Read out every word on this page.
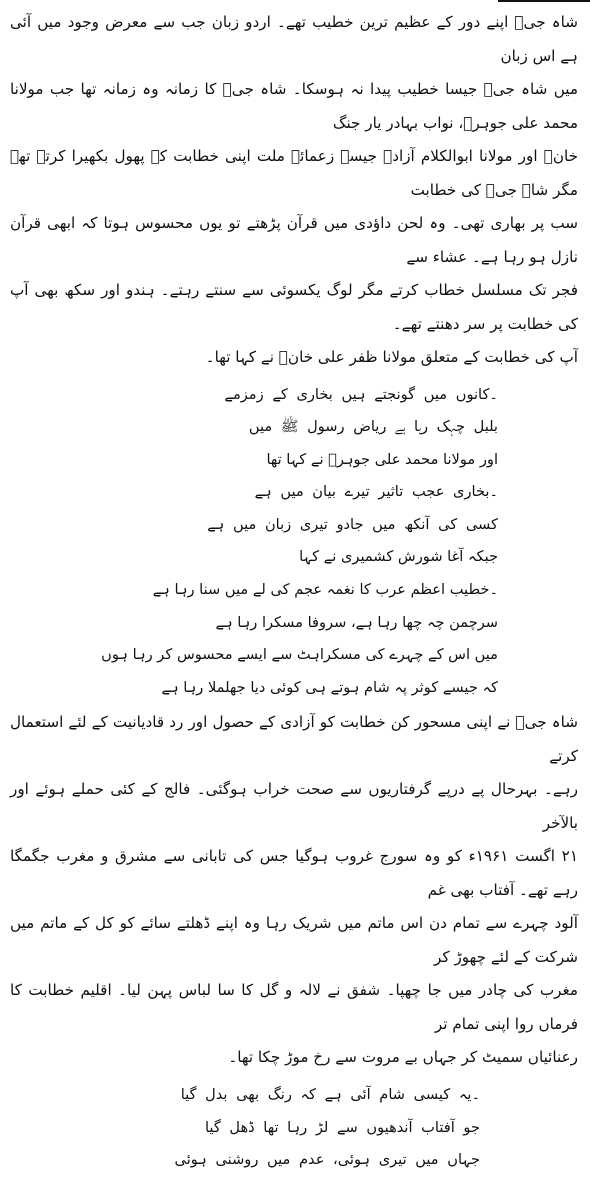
شاہ جیؒ اپنے دور کے عظیم ترین خطیب تھے۔ اردو زبان جب سے معرض وجود میں آئی ہے اس زبان

میں شاہ جیؒ جیسا خطیب پیدا نہ ہوسکا۔ شاہ جیؒ کا زمانہ وہ زمانہ تھا جب مولانا محمد علی جوہرؒ، نواب بہادر یار جنگ

خانؒ اور مولانا ابوالکلام آزادؒ جیسے زعمائے ملت اپنی خطابت کے پھول بکھیرا کرتے تھے مگر شاہ جیؒ کی خطابت

سب پر بھاری تھی۔ وہ لحن داؤدی میں قرآن پڑھتے تو یوں محسوس ہوتا کہ ابھی قرآن نازل ہو رہا ہے۔ عشاء سے

فجر تک مسلسل خطاب کرتے مگر لوگ یکسوئی سے سنتے رہتے۔ ہندو اور سکھ بھی آپ کی خطابت پر سر دھنتے تھے۔

آپ کی خطابت کے متعلق مولانا ظفر علی خانؒ نے کہا تھا۔

۔کانوں میں گونجتے ہیں بخاری کے زمزمے
بلبل چہک رہا ہے ریاض رسول ﷺ میں
اور مولانا محمد علی جوہرؒ نے کہا تھا
۔بخاری عجب تاثیر تیرے بیان میں ہے
کسی کی آنکھ میں جادو تیری زبان میں ہے
جبکہ آغا شورش کشمیری نے کہا
۔خطیب اعظم عرب کا نغمہ عجم کی لے میں سنا رہا ہے
سرچمن چہ چھا رہا ہے، سروفا مسکرا رہا ہے
میں اس کے چہرے کی مسکراہٹ سے ایسے محسوس کر رہا ہوں
کہ جیسے کوثر پہ شام ہوتے ہی کوئی دیا جھلملا رہا ہے

شاہ جیؒ نے اپنی مسحور کن خطابت کو آزادی کے حصول اور رد قادیانیت کے لئے استعمال کرتے

رہے۔ بہرحال پے درپے گرفتاریوں سے صحت خراب ہوگئی۔ فالج کے کئی حملے ہوئے اور بالآخر

۲۱ اگست ۱۹۶۱ء کو وہ سورج غروب ہوگیا جس کی تابانی سے مشرق و مغرب جگمگا رہے تھے۔ آفتاب بھی غم

آلود چہرے سے تمام دن اس ماتم میں شریک رہا وہ اپنے ڈھلتے سائے کو کل کے ماتم میں شرکت کے لئے چھوڑ کر

مغرب کی چادر میں جا چھپا۔ شفق نے لالہ و گل کا سا لباس پہن لیا۔ اقلیم خطابت کا فرماں روا اپنی تمام تر

رعنائیاں سمیٹ کر جہاں بے مروت سے رخ موڑ چکا تھا۔

۔یہ کیسی شام آئی ہے کہ رنگ بھی بدل گیا
جو آفتاب آندھیوں سے لڑ رہا تھا ڈھل گیا
جہاں میں تیری ہوئی، عدم میں روشنی ہوئی
